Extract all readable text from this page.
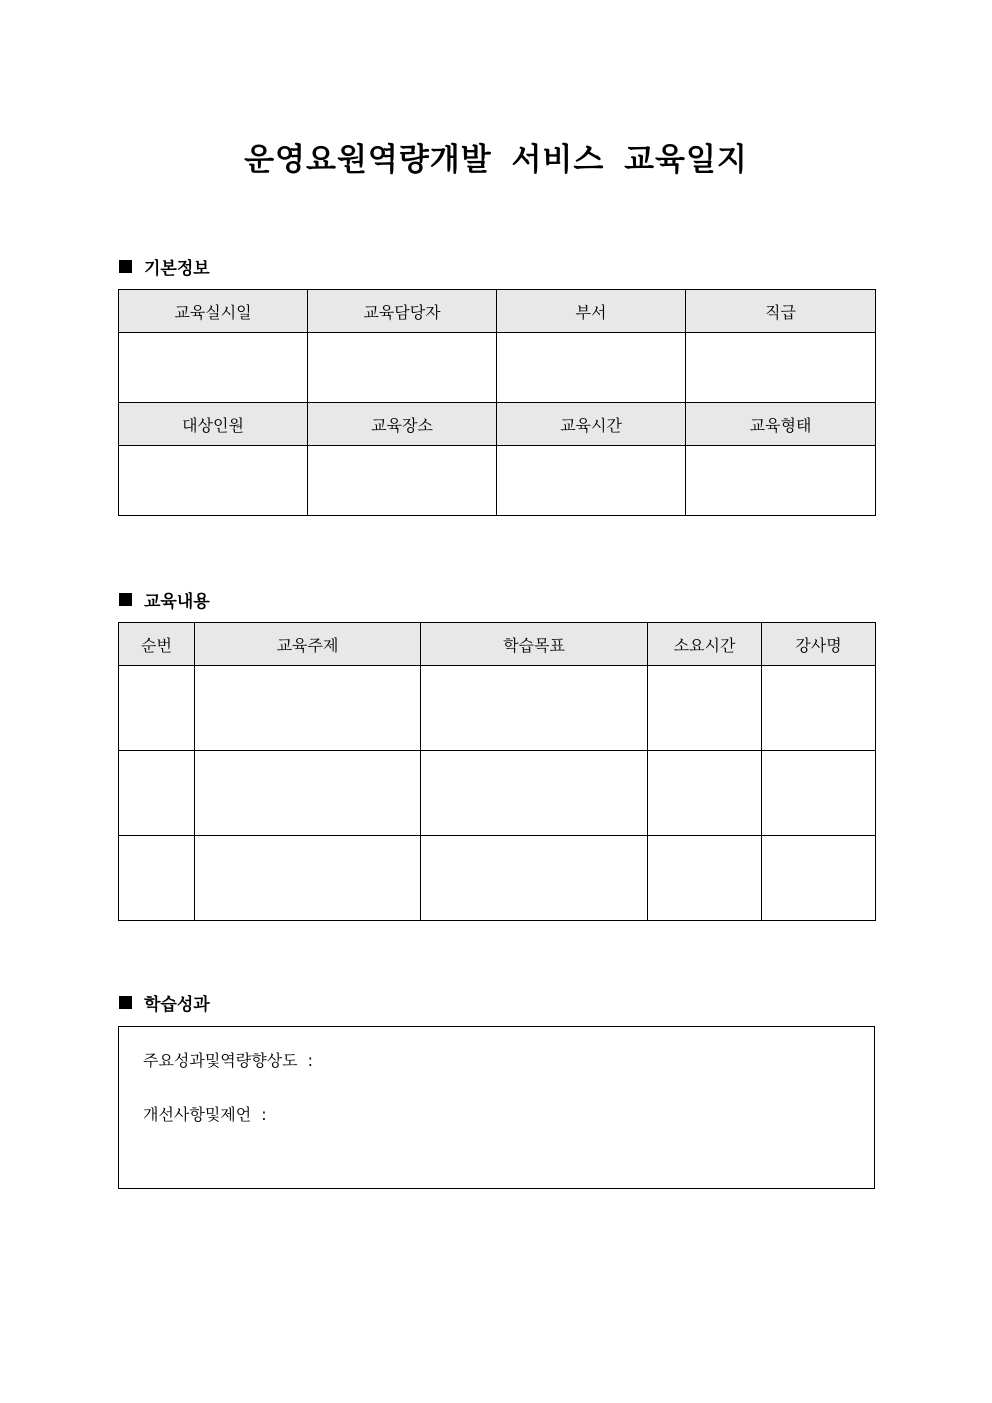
운영요원역량개발 서비스 교육일지
기본정보
교육실시일	교육담당자	부서	직급

대상인원	교육장소	교육시간	교육형태

교육내용
순번	교육주제	학습목표	소요시간	강사명

학습성과
주요성과및역량향상도 :
개선사항및제언 :
